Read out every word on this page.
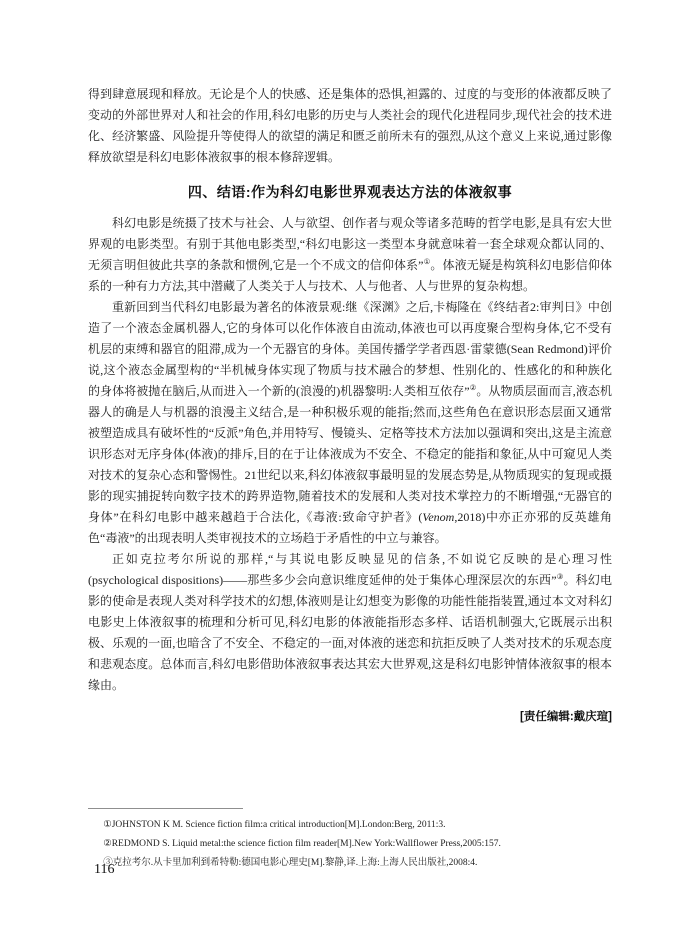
得到肆意展现和释放。无论是个人的快感、还是集体的恐惧,袒露的、过度的与变形的体液都反映了变动的外部世界对人和社会的作用,科幻电影的历史与人类社会的现代化进程同步,现代社会的技术进化、经济繁盛、风险提升等使得人的欲望的满足和匮乏前所未有的强烈,从这个意义上来说,通过影像释放欲望是科幻电影体液叙事的根本修辞逻辑。

四、结语:作为科幻电影世界观表达方法的体液叙事

科幻电影是统摄了技术与社会、人与欲望、创作者与观众等诸多范畴的哲学电影,是具有宏大世界观的电影类型。有别于其他电影类型,“科幻电影这一类型本身就意味着一套全球观众都认同的、无须言明但彼此共享的条款和惯例,它是一个不成文的信仰体系”①。体液无疑是构筑科幻电影信仰体系的一种有力方法,其中潜藏了人类关于人与技术、人与他者、人与世界的复杂构想。

重新回到当代科幻电影最为著名的体液景观:继《深渊》之后,卡梅隆在《终结者2:审判日》中创造了一个液态金属机器人,它的身体可以化作体液自由流动,体液也可以再度聚合型构身体,它不受有机层的束缚和器官的阻滞,成为一个无器官的身体。美国传播学学者西恩·雷蒙德(Sean Redmond)评价说,这个液态金属型构的“半机械身体实现了物质与技术融合的梦想、性别化的、性感化的和种族化的身体将被抛在脑后,从而进入一个新的(浪漫的)机器黎明:人类相互依存”②。从物质层面而言,液态机器人的确是人与机器的浪漫主义结合,是一种积极乐观的能指;然而,这些角色在意识形态层面又通常被塑造成具有破坏性的“反派”角色,并用特写、慢镜头、定格等技术方法加以强调和突出,这是主流意识形态对无序身体(体液)的排斥,目的在于让体液成为不安全、不稳定的能指和象征,从中可窥见人类对技术的复杂心态和警惕性。21世纪以来,科幻体液叙事最明显的发展态势是,从物质现实的复现或摄影的现实捕捉转向数字技术的跨界造物,随着技术的发展和人类对技术掌控力的不断增强,“无器官的身体”在科幻电影中越来越趋于合法化,《毒液:致命守护者》(Venom,2018)中亦正亦邪的反英雄角色“毒液”的出现表明人类审视技术的立场趋于矛盾性的中立与兼容。

正如克拉考尔所说的那样,“与其说电影反映显见的信条,不如说它反映的是心理习性(psychological dispositions)——那些多少会向意识维度延伸的处于集体心理深层次的东西”③。科幻电影的使命是表现人类对科学技术的幻想,体液则是让幻想变为影像的功能性能指装置,通过本文对科幻电影史上体液叙事的梳理和分析可见,科幻电影的体液能指形态多样、话语机制强大,它既展示出积极、乐观的一面,也暗含了不安全、不稳定的一面,对体液的迷恋和抗拒反映了人类对技术的乐观态度和悲观态度。总体而言,科幻电影借助体液叙事表达其宏大世界观,这是科幻电影钟情体液叙事的根本缘由。

[责任编辑:戴庆瑄]

①JOHNSTON K M. Science fiction film:a critical introduction[M].London:Berg, 2011:3.

②REDMOND S. Liquid metal:the science fiction film reader[M].New York:Wallflower Press,2005:157.

③克拉考尔.从卡里加利到希特勒:德国电影心理史[M].黎静,译.上海:上海人民出版社,2008:4.

116
